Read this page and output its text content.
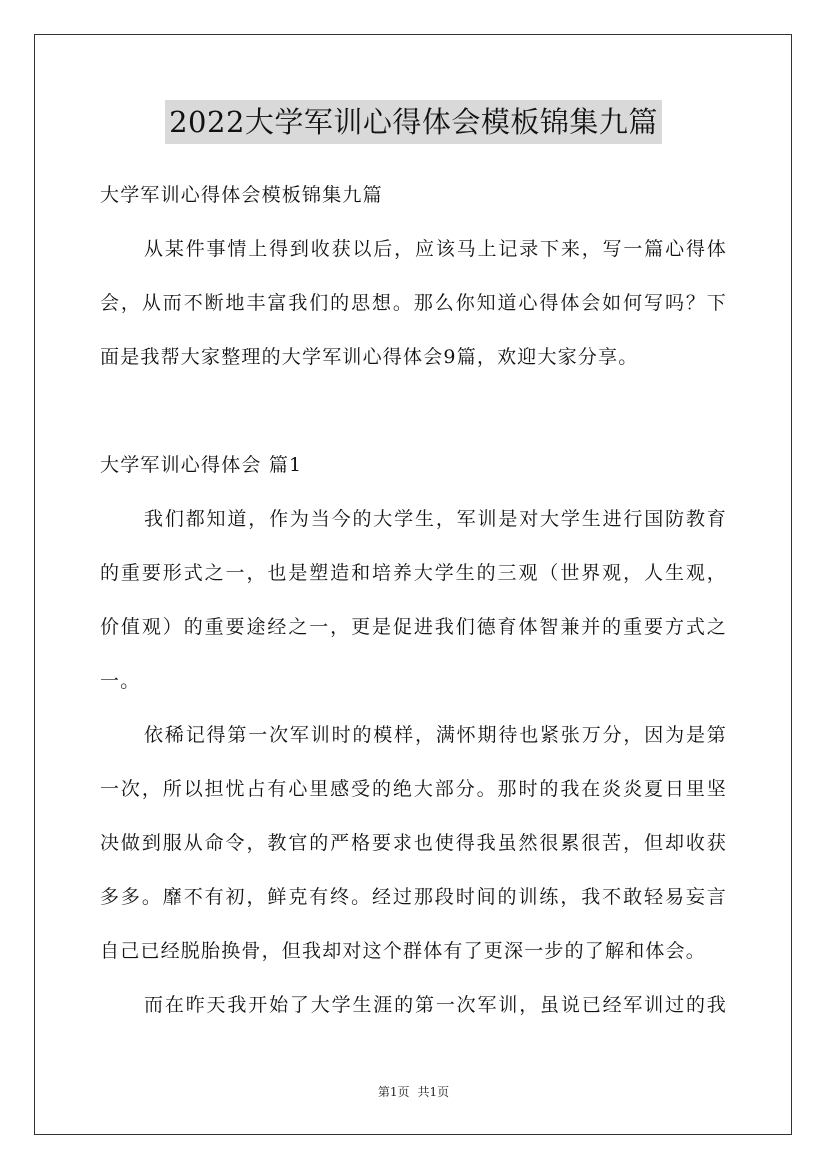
2022大学军训心得体会模板锦集九篇
大学军训心得体会模板锦集九篇
从某件事情上得到收获以后，应该马上记录下来，写一篇心得体
会，从而不断地丰富我们的思想。那么你知道心得体会如何写吗？下
面是我帮大家整理的大学军训心得体会9篇，欢迎大家分享。
大学军训心得体会 篇1
我们都知道，作为当今的大学生，军训是对大学生进行国防教育
的重要形式之一，也是塑造和培养大学生的三观（世界观，人生观，
价值观）的重要途经之一，更是促进我们德育体智兼并的重要方式之
一。
依稀记得第一次军训时的模样，满怀期待也紧张万分，因为是第
一次，所以担忧占有心里感受的绝大部分。那时的我在炎炎夏日里坚
决做到服从命令，教官的严格要求也使得我虽然很累很苦，但却收获
多多。靡不有初，鲜克有终。经过那段时间的训练，我不敢轻易妄言
自己已经脱胎换骨，但我却对这个群体有了更深一步的了解和体会。
而在昨天我开始了大学生涯的第一次军训，虽说已经军训过的我
第1页 共1页
